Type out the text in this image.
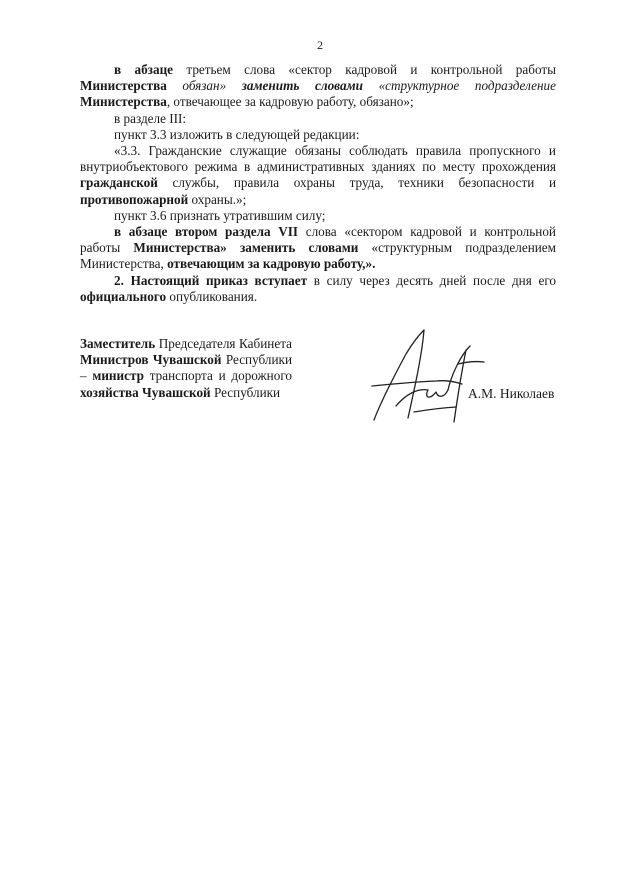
2

в абзаце третьем слова «сектор кадровой и контрольной работы Министерства обязан» заменить словами «структурное подразделение Министерства, отвечающее за кадровую работу, обязано»;

в разделе III:

пункт 3.3 изложить в следующей редакции:

«3.3. Гражданские служащие обязаны соблюдать правила пропускного и внутриобъектового режима в административных зданиях по месту прохождения гражданской службы, правила охраны труда, техники безопасности и противопожарной охраны.»;

пункт 3.6 признать утратившим силу;

в абзаце втором раздела VII слова «сектором кадровой и контрольной работы Министерства» заменить словами «структурным подразделением Министерства, отвечающим за кадровую работу,».

2. Настоящий приказ вступает в силу через десять дней после дня его официального опубликования.

Заместитель Председателя Кабинета Министров Чувашской Республики – министр транспорта и дорожного хозяйства Чувашской Республики	А.М. Николаев
